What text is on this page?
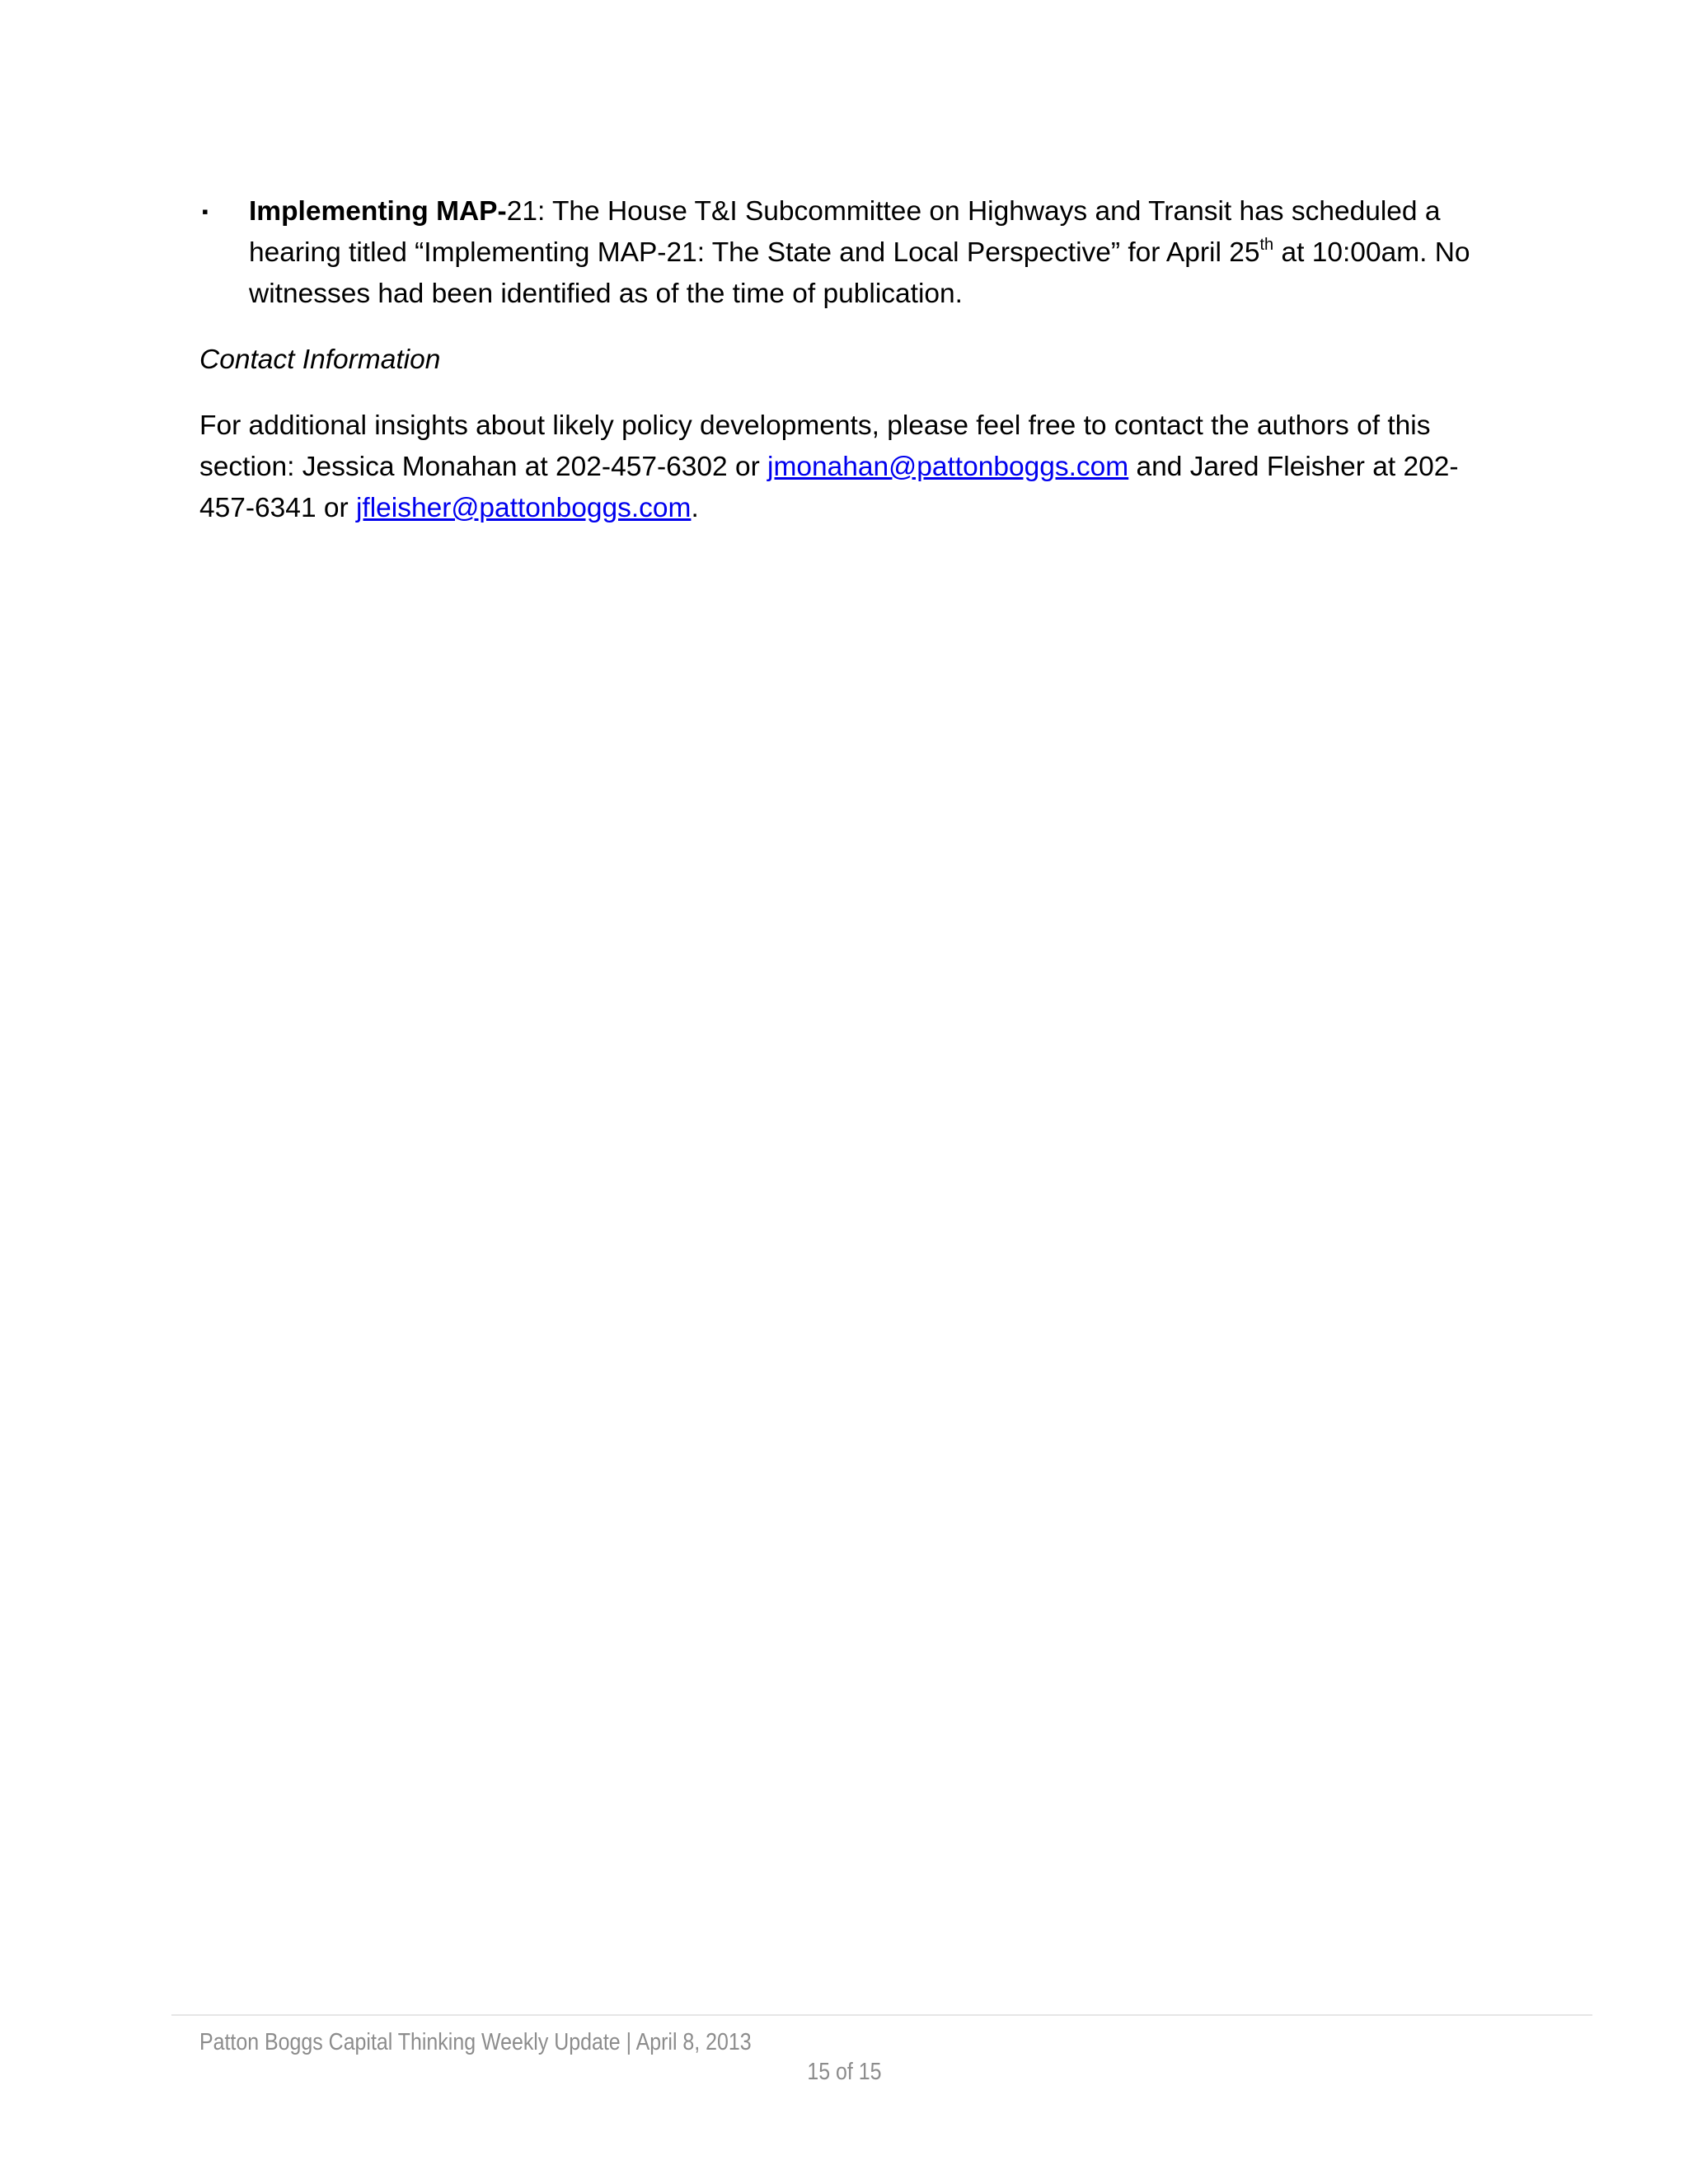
▪ Implementing MAP-21: The House T&I Subcommittee on Highways and Transit has scheduled a hearing titled “Implementing MAP-21: The State and Local Perspective” for April 25th at 10:00am. No witnesses had been identified as of the time of publication.
Contact Information

For additional insights about likely policy developments, please feel free to contact the authors of this section: Jessica Monahan at 202-457-6302 or jmonahan@pattonboggs.com and Jared Fleisher at 202-457-6341 or jfleisher@pattonboggs.com.

Patton Boggs Capital Thinking Weekly Update | April 8, 2013
15 of 15
